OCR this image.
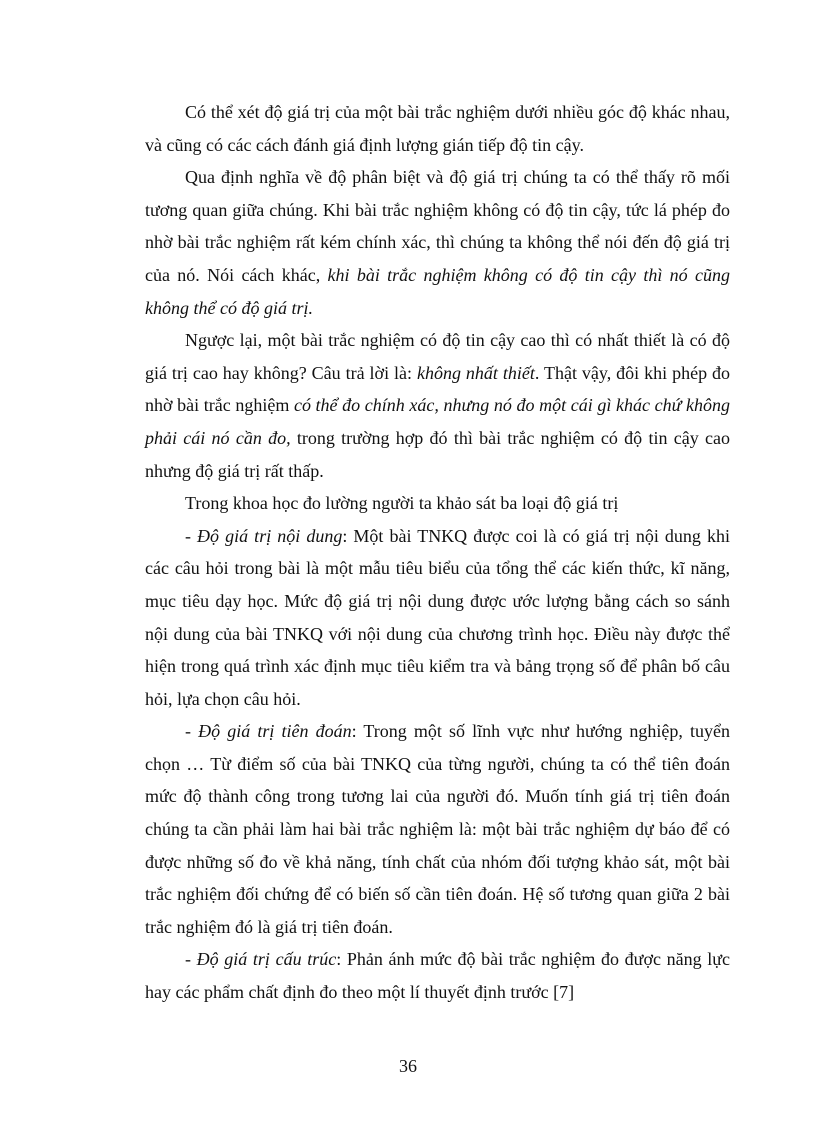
Có thể xét độ giá trị của một bài trắc nghiệm dưới nhiều góc độ khác nhau, và cũng có các cách đánh giá định lượng gián tiếp độ tin cậy.

Qua định nghĩa về độ phân biệt và độ giá trị chúng ta có thể thấy rõ mối tương quan giữa chúng. Khi bài trắc nghiệm không có độ tin cậy, tức lá phép đo nhờ bài trắc nghiệm rất kém chính xác, thì chúng ta không thể nói đến độ giá trị của nó. Nói cách khác, khi bài trắc nghiệm không có độ tin cậy thì nó cũng không thể có độ giá trị.

Ngược lại, một bài trắc nghiệm có độ tin cậy cao thì có nhất thiết là có độ giá trị cao hay không? Câu trả lời là: không nhất thiết. Thật vậy, đôi khi phép đo nhờ bài trắc nghiệm có thể đo chính xác, nhưng nó đo một cái gì khác chứ không phải cái nó cần đo, trong trường hợp đó thì bài trắc nghiệm có độ tin cậy cao nhưng độ giá trị rất thấp.

Trong khoa học đo lường người ta khảo sát ba loại độ giá trị

- Độ giá trị nội dung: Một bài TNKQ được coi là có giá trị nội dung khi các câu hỏi trong bài là một mẫu tiêu biểu của tổng thể các kiến thức, kĩ năng, mục tiêu dạy học. Mức độ giá trị nội dung được ước lượng bằng cách so sánh nội dung của bài TNKQ với nội dung của chương trình học. Điều này được thể hiện trong quá trình xác định mục tiêu kiểm tra và bảng trọng số để phân bố câu hỏi, lựa chọn câu hỏi.

- Độ giá trị tiên đoán: Trong một số lĩnh vực như hướng nghiệp, tuyển chọn … Từ điểm số của bài TNKQ của từng người, chúng ta có thể tiên đoán mức độ thành công trong tương lai của người đó. Muốn tính giá trị tiên đoán chúng ta cần phải làm hai bài trắc nghiệm là: một bài trắc nghiệm dự báo để có được những số đo về khả năng, tính chất của nhóm đối tượng khảo sát, một bài trắc nghiệm đối chứng để có biến số cần tiên đoán. Hệ số tương quan giữa 2 bài trắc nghiệm đó là giá trị tiên đoán.

- Độ giá trị cấu trúc: Phản ánh mức độ bài trắc nghiệm đo được năng lực hay các phẩm chất định đo theo một lí thuyết định trước [7]

36
